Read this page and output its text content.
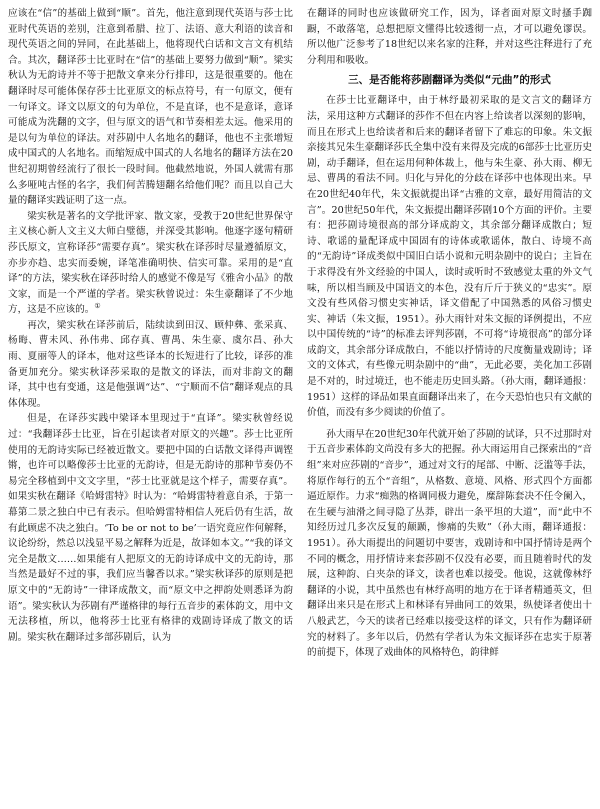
应该在“信”的基础上做到“顺”。首先，他注意到现代英语与莎士比亚时代英语的差别，注意到希腊、拉丁、法语、意大利语的读音和现代英语之间的异同，在此基础上，他将现代白话和文言文有机结合。其次，翻译莎士比亚时在“信”的基础上要努力做到“顺”。梁实秋认为无韵诗并不等于把散文拿来分行排印，这是很重要的。他在翻译时尽可能体保存莎士比亚原文的标点符号，有一句原文，便有一句译文。译文以原文的句为单位，不是直译，也不是意译，意译可能成为洗翻的文字，但与原文的语气和节奏相差太远。他采用的是以句为单位的译法。对莎剧中人名地名的翻译，他也不主张增短成中国式的人名地名。而缩短成中国式的人名地名的翻译方法在20世纪初期曾经流行了很长一段时间。他截然地说，外国人就需有那么多哑吨古怪的名字，我们何苦腾翅翻名给他们呢？而且以自己大量的翻译实践证明了这一点。

梁实秋是著名的文学批评家、散文家，受教于20世纪世界保守主义核心新人文主义大师白璧德，并深受其影响。他逐字逐句精研莎氏原文，宣称译莎“需要存真”。梁实秋在译莎时尽量遵循原文，亦步亦趋、忠实而委婉，译笔准确明快、信实可靠。采用的是“直译”的方法，梁实秋在译莎时给人的感觉不像是写《雅舍小品》的散文家，而是一个严谨的学者。梁实秋曾说过：朱生豪翻译了不少地方，这是不应该的。①

再次，梁实秋在译莎前后，陆续读到田汉、顾仲彝、张采真、杨晦、曹未风、孙伟弗、邱存真、曹禺、朱生豪、虞尔昌、孙大雨、夏丽等人的译本，他对这些译本的长短进行了比较，译莎的准备更加充分。梁实秋译莎采取的是散文的译法，而对非韵文的翻译，其中也有变通，这是他强调“达”、“宁顺而不信”翻译观点的具体体现。

但是，在译莎实践中梁译本里现过于“直译”。梁实秋曾经说过：“我翻译莎士比亚，旨在引起读者对原文的兴趣”。莎士比亚所使用的无韵诗实际已经被近散文。要把中国的白话散文译得声调铿锵，也许可以略像莎士比亚的无韵诗，但是无韵诗的那种节奏仍不易完全移植到中文文字里，“莎士比亚就是这个样子，需要存真”。如果实秋在翻译《哈姆雷特》时认为：“哈姆雷特着意自杀，于第一幕第二景之独白中已有表示。但哈姆雷特相信人死后仍有生活，故有此顾虑不决之独白。‘To be or not to be’一语究竟应作何解释，议论纷纷，然总以浅显平易之解释为近是，故译如本文。”“我的译文完全是散文……如果能有人把原文的无韵诗译成中文的无韵诗，那当然是最好不过的事，我们应当馨香以求。”梁实秋译莎的原则是把原文中的“无韵诗”一律译成散文，而“原文中之押韵处则悉译为韵语”。梁实秋认为莎剧有严谨格律的每行五音步的素体韵文，用中文无法移植，所以，他将莎士比亚有格律的戏剧诗译成了散文的话剧。梁实秋在翻译过多部莎剧后，认为

在翻译的同时也应该做研究工作，因为，译者面对原文时搔手踟蹰，不敢落笔，总想把原文懂得比较透彻一点，才可以避免谬误。所以他广泛参考了18世纪以来名家的注释，并对这些注释进行了充分利用和吸收。

三、是否能将莎剧翻译为类似“元曲”的形式

在莎士比亚翻译中，由于林纾最初采取的是文言文的翻译方法，采用这种方式翻译的莎作不但在内容上给读者以深刻的影响，而且在形式上也给读者和后来的翻译者留下了难忘的印象。朱文振亲接其兄朱生豪翻译莎氏全集中没有来得及完成的6部莎士比亚历史剧，动手翻译，但在运用何种体裁上，他与朱生豪、孙大雨、柳无忌、曹禺的看法不同。归化与异化的分歧在译莎中也体现出来。早在20世纪40年代，朱文振就提出译“古雅的文章，最好用简洁的文言”。20世纪50年代，朱文振提出翻译莎剧10个方面的评价。主要有：把莎剧诗境很高的部分译成韵文，其余部分翻译成散白；短诗、歌谣的量配译成中国固有的诗体或歌谣体，散白、诗境不高的“无韵诗”译成类似中国旧白话小说和元明杂剧中的说白；主旨在于求得没有外文经验的中国人，读时或听时不致感觉太重的外文气味，所以相当顾及中国语文的本色，没有斤斤于狭义的“忠实”。原文没有些风俗习惯史实神话，译文借配了中国熟悉的风俗习惯史实、神话（朱文振，1951）。孙大雨针对朱文振的译例提出，不应以中国传统的“诗”的标准去评判莎剧，不可将“诗境很高”的部分译成韵文，其余部分译成散白，不能以抒情诗的尺度衡量戏剧诗；译文的文体式，有些像元明杂剧中的“曲”，无此必要，美化加工莎剧是不对的，时过境迁，也不能走历史回头路。（孙大雨，翻译通报：1951）这样的译品如果直面翻译出来了，在今天恐怕也只有文献的价值，而没有多少阅读的价值了。

孙大雨早在20世纪30年代就开始了莎剧的试译，只不过那时对于五音步素体韵文尚没有多大的把握。孙大雨运用自己探索出的“音组”来对应莎剧的“音步”，通过对文行的尾部、中断、泛滥等手法，将原作每行的五个“音组”，从格数、意境、风格、形式四个方面都逼近原作。力求“痴熟的格调同极力避免，糜辞陈套决不任令阑入，在生硬与油滑之间寻隐了丛莽，辟出一条平坦的大道”，而“此中不知经历过几多次反复的颠踬，惨痛的失败”（孙大雨，翻译通报：1951）。孙大雨提出的问题切中要害，戏剧诗和中国抒情诗是两个不同的概念，用抒情诗来套莎剧不仅没有必要，而且随着时代的发展，这种韵、白夹杂的译文，读者也难以接受。他说，这就像林纾翻译的小说，其中虽然也有林纾高明的地方在于译者精通英文，但翻译出来只是在形式上和林译有异曲同工的效果，纵使译者使出十八般武艺，今天的读者已经难以接受这样的译文，只有作为翻译研究的材料了。多年以后，仍然有学者认为朱文振译莎在忠实于原著的前提下，体现了戏曲体的风格特色，韵律鲜
